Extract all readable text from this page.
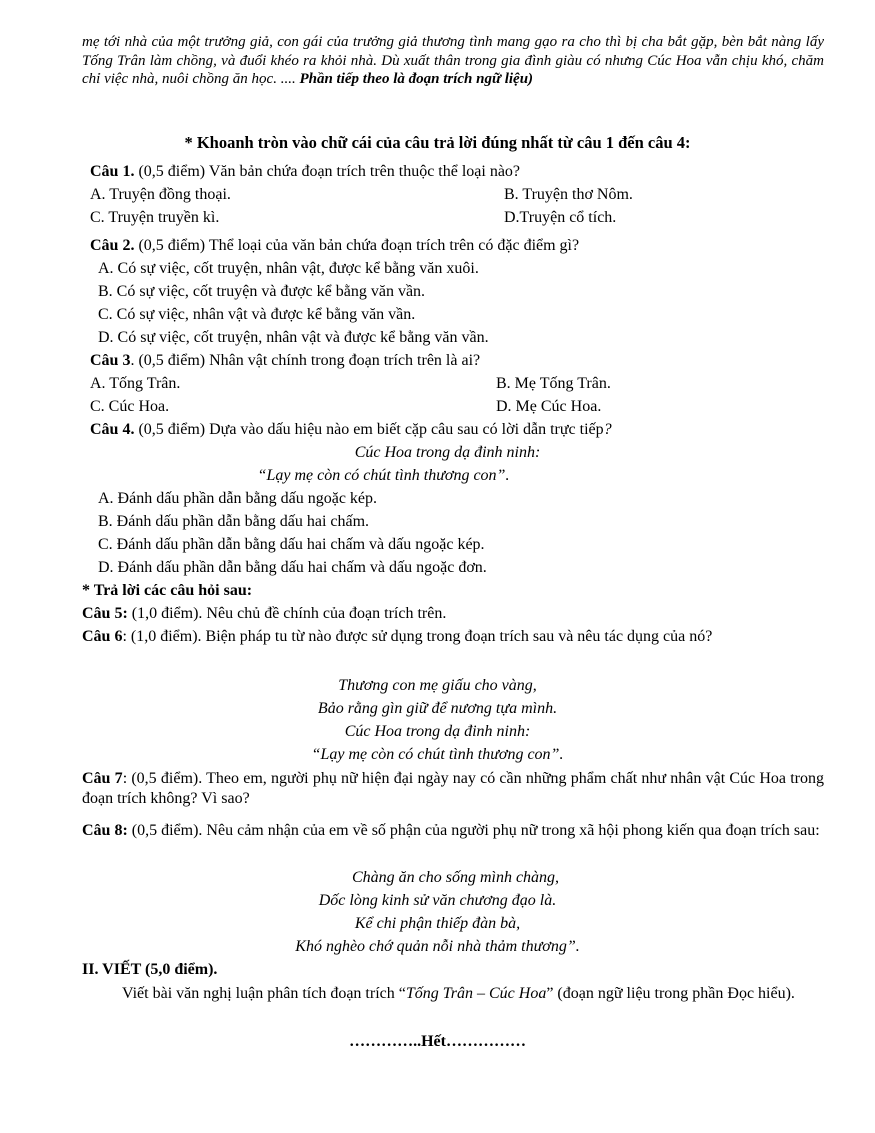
mẹ tới nhà của một trưởng giả, con gái của trưởng giả thương tình mang gạo ra cho thì bị cha bắt gặp, bèn bắt nàng lấy Tống Trân làm chồng, và đuổi khéo ra khỏi nhà. Dù xuất thân trong gia đình giàu có nhưng Cúc Hoa vẫn chịu khó, chăm chỉ việc nhà, nuôi chồng ăn học. .... Phần tiếp theo là đoạn trích ngữ liệu)
* Khoanh tròn vào chữ cái của câu trả lời đúng nhất từ câu 1 đến câu 4:
Câu 1. (0,5 điểm) Văn bản chứa đoạn trích trên thuộc thể loại nào?
A. Truyện đồng thoại.	B. Truyện thơ Nôm.
C. Truyện truyền kì.	D.Truyện cổ tích.
Câu 2. (0,5 điểm) Thể loại của văn bản chứa đoạn trích trên có đặc điểm gì?
A. Có sự việc, cốt truyện, nhân vật, được kể bằng văn xuôi.
B. Có sự việc, cốt truyện và được kể bằng văn vần.
C. Có sự việc, nhân vật và được kể bằng văn vần.
D. Có sự việc, cốt truyện, nhân vật và được kể bằng văn vần.
Câu 3. (0,5 điểm) Nhân vật chính trong đoạn trích trên là ai?
A. Tống Trân.	B. Mẹ Tống Trân.
C. Cúc Hoa.	D. Mẹ Cúc Hoa.
Câu 4. (0,5 điểm) Dựa vào dấu hiệu nào em biết cặp câu sau có lời dẫn trực tiếp?
Cúc Hoa trong dạ đinh ninh:
“Lạy mẹ còn có chút tình thương con”.
A. Đánh dấu phần dẫn bằng dấu ngoặc kép.
B. Đánh dấu phần dẫn bằng dấu hai chấm.
C. Đánh dấu phần dẫn bằng dấu hai chấm và dấu ngoặc kép.
D. Đánh dấu phần dẫn bằng dấu hai chấm và dấu ngoặc đơn.
* Trả lời các câu hỏi sau:
Câu 5: (1,0 điểm). Nêu chủ đề chính của đoạn trích trên.
Câu 6: (1,0 điểm). Biện pháp tu từ nào được sử dụng trong đoạn trích sau và nêu tác dụng của nó?
Thương con mẹ giấu cho vàng,
Bảo rằng gìn giữ để nương tựa mình.
Cúc Hoa trong dạ đinh ninh:
“Lạy mẹ còn có chút tình thương con”.
Câu 7: (0,5 điểm). Theo em, người phụ nữ hiện đại ngày nay có cần những phẩm chất như nhân vật Cúc Hoa trong đoạn trích không? Vì sao?
Câu 8: (0,5 điểm). Nêu cảm nhận của em về số phận của người phụ nữ trong xã hội phong kiến qua đoạn trích sau:
Chàng ăn cho sống mình chàng,
Dốc lòng kinh sử văn chương đạo là.
Kể chi phận thiếp đàn bà,
Khó nghèo chớ quản nỗi nhà thảm thương”.
II. VIẾT (5,0 điểm).
Viết bài văn nghị luận phân tích đoạn trích “Tống Trân – Cúc Hoa” (đoạn ngữ liệu trong phần Đọc hiểu).
…………..Hết……………
